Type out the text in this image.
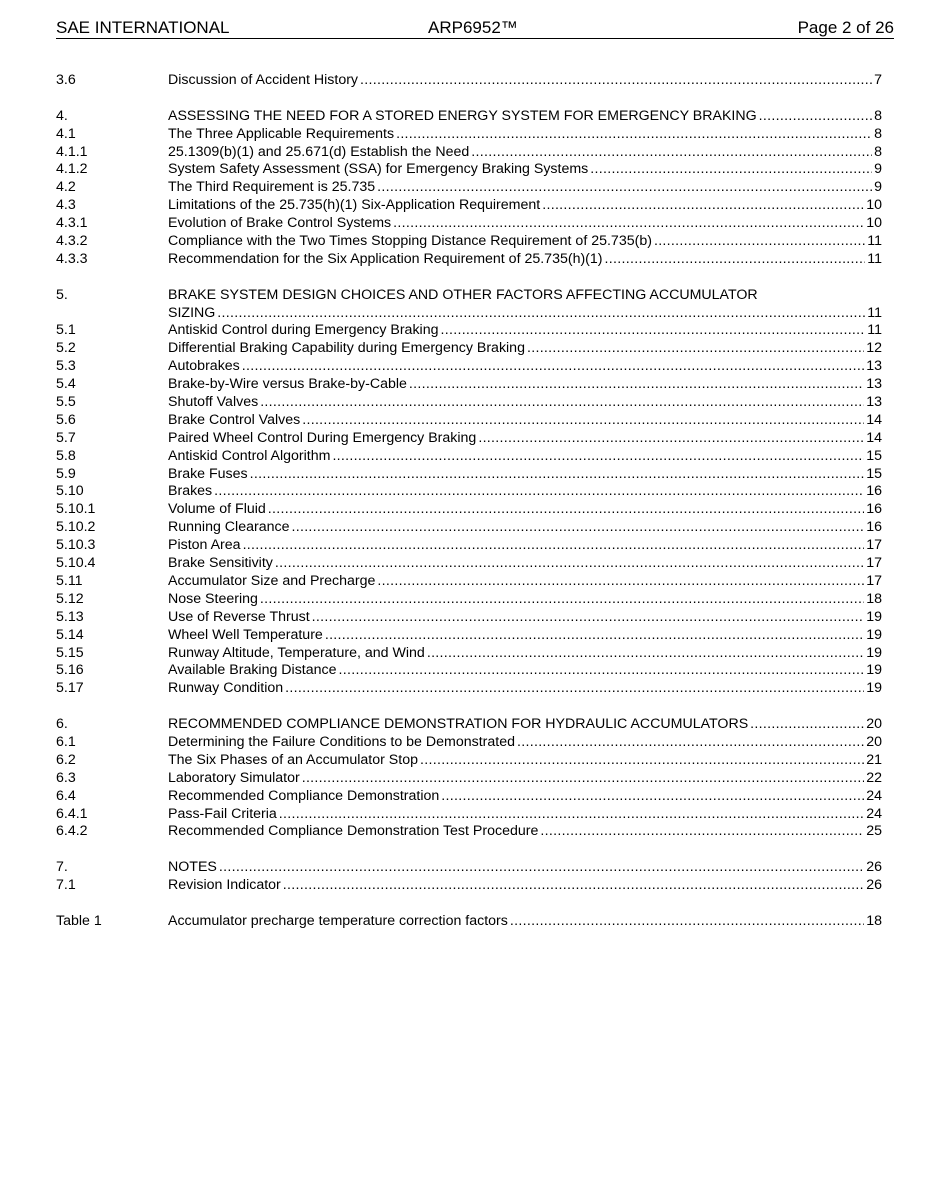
SAE INTERNATIONAL	ARP6952™	Page 2 of 26
3.6	Discussion of Accident History .....	7
4.	ASSESSING THE NEED FOR A STORED ENERGY SYSTEM FOR EMERGENCY BRAKING .....	8
4.1	The Three Applicable Requirements .....	8
4.1.1	25.1309(b)(1) and 25.671(d) Establish the Need .....	8
4.1.2	System Safety Assessment (SSA) for Emergency Braking Systems .....	9
4.2	The Third Requirement is 25.735 .....	9
4.3	Limitations of the 25.735(h)(1) Six-Application Requirement .....	10
4.3.1	Evolution of Brake Control Systems .....	10
4.3.2	Compliance with the Two Times Stopping Distance Requirement of 25.735(b) .....	11
4.3.3	Recommendation for the Six Application Requirement of 25.735(h)(1) .....	11
5.	BRAKE SYSTEM DESIGN CHOICES AND OTHER FACTORS AFFECTING ACCUMULATOR
SIZING .....	11
5.1	Antiskid Control during Emergency Braking .....	11
5.2	Differential Braking Capability during Emergency Braking .....	12
5.3	Autobrakes .....	13
5.4	Brake-by-Wire versus Brake-by-Cable .....	13
5.5	Shutoff Valves .....	13
5.6	Brake Control Valves .....	14
5.7	Paired Wheel Control During Emergency Braking .....	14
5.8	Antiskid Control Algorithm .....	15
5.9	Brake Fuses .....	15
5.10	Brakes .....	16
5.10.1	Volume of Fluid .....	16
5.10.2	Running Clearance .....	16
5.10.3	Piston Area .....	17
5.10.4	Brake Sensitivity .....	17
5.11	Accumulator Size and Precharge .....	17
5.12	Nose Steering .....	18
5.13	Use of Reverse Thrust .....	19
5.14	Wheel Well Temperature .....	19
5.15	Runway Altitude, Temperature, and Wind .....	19
5.16	Available Braking Distance .....	19
5.17	Runway Condition .....	19
6.	RECOMMENDED COMPLIANCE DEMONSTRATION FOR HYDRAULIC ACCUMULATORS .....	20
6.1	Determining the Failure Conditions to be Demonstrated .....	20
6.2	The Six Phases of an Accumulator Stop .....	21
6.3	Laboratory Simulator .....	22
6.4	Recommended Compliance Demonstration .....	24
6.4.1	Pass-Fail Criteria .....	24
6.4.2	Recommended Compliance Demonstration Test Procedure .....	25
7.	NOTES .....	26
7.1	Revision Indicator .....	26
Table 1	Accumulator precharge temperature correction factors .....	18
